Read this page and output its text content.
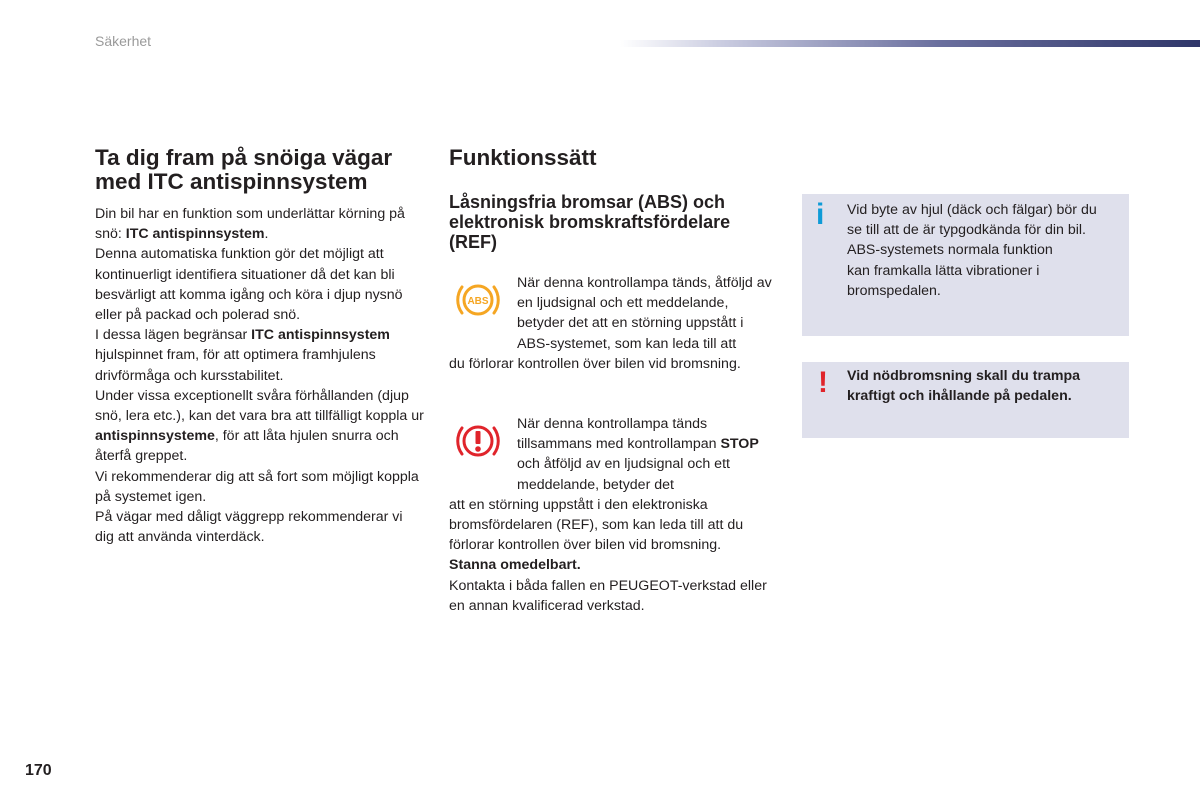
Säkerhet
Ta dig fram på snöiga vägar
med ITC antispinnsystem

Din bil har en funktion som underlättar körning på snö: ITC antispinnsystem.

Denna automatiska funktion gör det möjligt att kontinuerligt identifiera situationer då det kan bli besvärligt att komma igång och köra i djup nysnö eller på packad och polerad snö.

I dessa lägen begränsar ITC antispinnsystem hjulspinnet fram, för att optimera framhjulens drivförmåga och kursstabilitet.

Under vissa exceptionellt svåra förhållanden (djup snö, lera etc.), kan det vara bra att tillfälligt koppla ur antispinnsysteme, för att låta hjulen snurra och återfå greppet.

Vi rekommenderar dig att så fort som möjligt koppla på systemet igen.

På vägar med dåligt väggrepp rekommenderar vi dig att använda vinterdäck.

Funktionssätt
Låsningsfria bromsar (ABS) och elektronisk bromskraftsfördelare (REF)
ABS
När denna kontrollampa tänds, åtföljd av en ljudsignal och ett meddelande, betyder det att en störning uppstått i ABS-systemet, som kan leda till att
du förlorar kontrollen över bilen vid bromsning.
När denna kontrollampa tänds tillsammans med kontrollampan STOP och åtföljd av en ljudsignal och ett meddelande, betyder det
att en störning uppstått i den elektroniska bromsfördelaren (REF), som kan leda till att du förlorar kontrollen över bilen vid bromsning.
Stanna omedelbart.
Kontakta i båda fallen en PEUGEOT-verkstad eller en annan kvalificerad verkstad.
i Vid byte av hjul (däck och fälgar) bör du
se till att de är typgodkända för din bil.
ABS-systemets normala funktion
kan framkalla lätta vibrationer i
bromspedalen.
! Vid nödbromsning skall du trampa
kraftigt och ihållande på pedalen.
170
